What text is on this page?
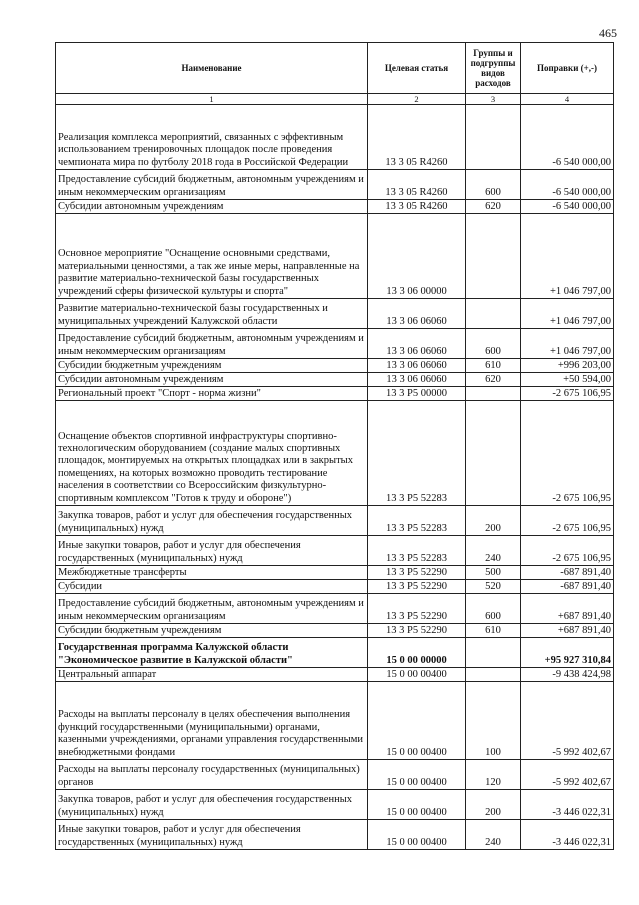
465
Наименование	Целевая статья	Группы и подгруппы видов расходов	Поправки (+,-)
1	2	3	4
Реализация комплекса мероприятий, связанных с эффективным использованием тренировочных площадок после проведения чемпионата мира по футболу 2018 года в Российской Федерации	13 3 05 R4260		-6 540 000,00
Предоставление субсидий бюджетным, автономным учреждениям и иным некоммерческим организациям	13 3 05 R4260	600	-6 540 000,00
Субсидии автономным учреждениям	13 3 05 R4260	620	-6 540 000,00
Основное мероприятие "Оснащение основными средствами, материальными ценностями, а так же иные меры, направленные на развитие материально-технической базы государственных учреждений сферы физической культуры и спорта"	13 3 06 00000		+1 046 797,00
Развитие материально-технической базы государственных и муниципальных учреждений Калужской области	13 3 06 06060		+1 046 797,00
Предоставление субсидий бюджетным, автономным учреждениям и иным некоммерческим организациям	13 3 06 06060	600	+1 046 797,00
Субсидии бюджетным учреждениям	13 3 06 06060	610	+996 203,00
Субсидии автономным учреждениям	13 3 06 06060	620	+50 594,00
Региональный проект "Спорт - норма жизни"	13 3 P5 00000		-2 675 106,95
Оснащение объектов спортивной инфраструктуры спортивно-технологическим оборудованием (создание малых спортивных площадок, монтируемых на открытых площадках или в закрытых помещениях, на которых возможно проводить тестирование населения в соответствии со Всероссийским физкультурно-спортивным комплексом "Готов к труду и обороне")	13 3 P5 52283		-2 675 106,95
Закупка товаров, работ и услуг для обеспечения государственных (муниципальных) нужд	13 3 P5 52283	200	-2 675 106,95
Иные закупки товаров, работ и услуг для обеспечения государственных (муниципальных) нужд	13 3 P5 52283	240	-2 675 106,95
Межбюджетные трансферты	13 3 P5 52290	500	-687 891,40
Субсидии	13 3 P5 52290	520	-687 891,40
Предоставление субсидий бюджетным, автономным учреждениям и иным некоммерческим организациям	13 3 P5 52290	600	+687 891,40
Субсидии бюджетным учреждениям	13 3 P5 52290	610	+687 891,40
Государственная программа Калужской области "Экономическое развитие в Калужской области"	15 0 00 00000		+95 927 310,84
Центральный аппарат	15 0 00 00400		-9 438 424,98
Расходы на выплаты персоналу в целях обеспечения выполнения функций государственными (муниципальными) органами, казенными учреждениями, органами управления государственными внебюджетными фондами	15 0 00 00400	100	-5 992 402,67
Расходы на выплаты персоналу государственных (муниципальных) органов	15 0 00 00400	120	-5 992 402,67
Закупка товаров, работ и услуг для обеспечения государственных (муниципальных) нужд	15 0 00 00400	200	-3 446 022,31
Иные закупки товаров, работ и услуг для обеспечения государственных (муниципальных) нужд	15 0 00 00400	240	-3 446 022,31
